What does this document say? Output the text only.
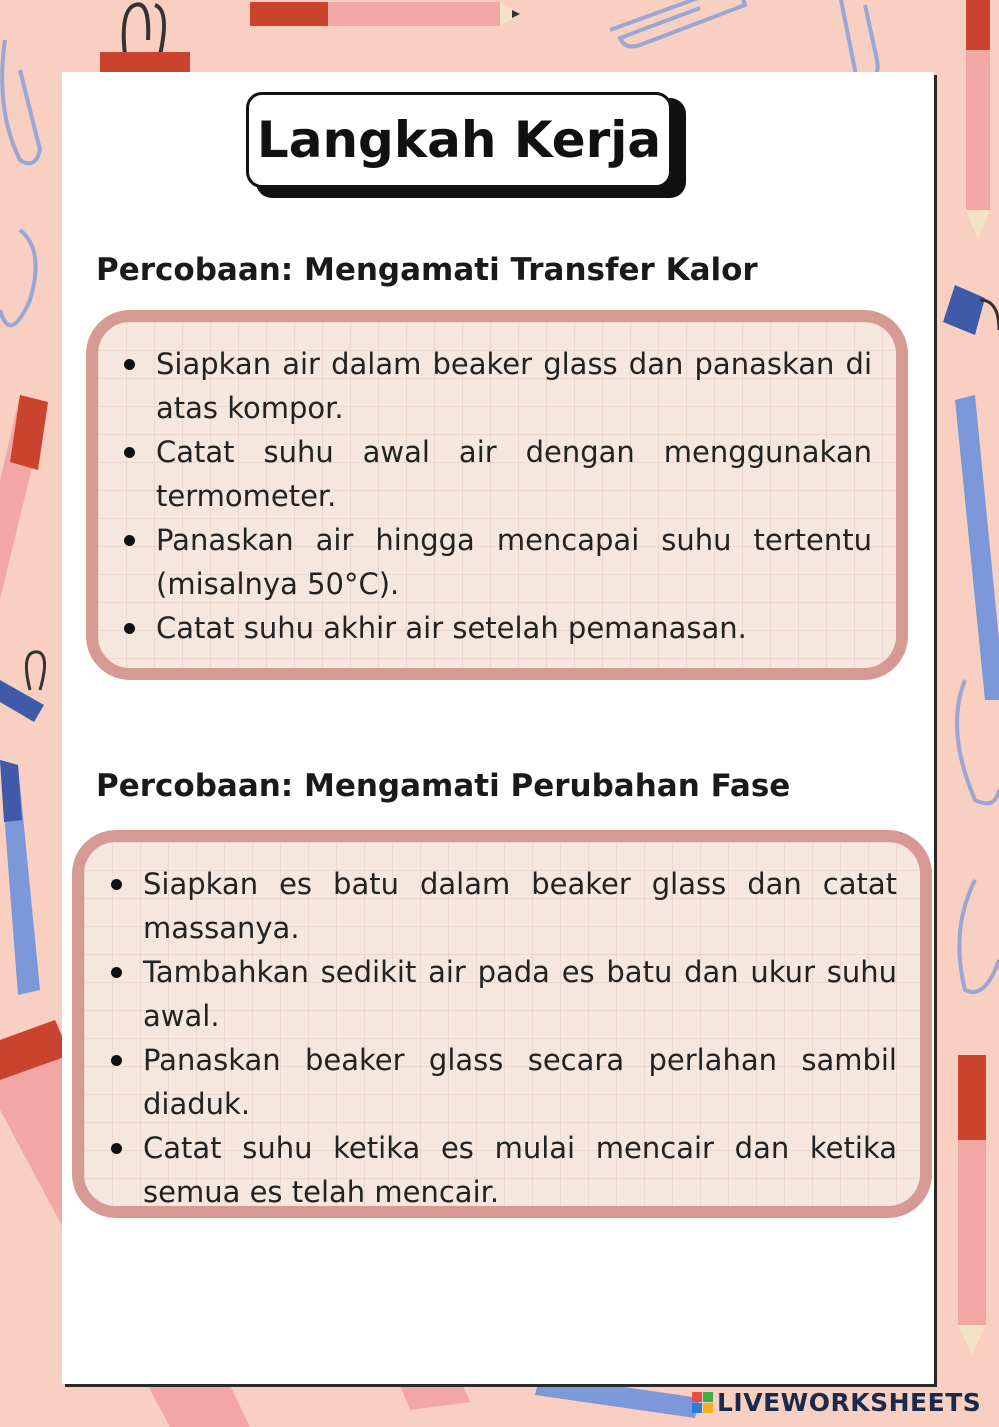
Langkah Kerja
Percobaan: Mengamati Transfer Kalor
Siapkan air dalam beaker glass dan panaskan di atas kompor.
Catat suhu awal air dengan menggunakan termometer.
Panaskan air hingga mencapai suhu tertentu (misalnya 50°C).
Catat suhu akhir air setelah pemanasan.
Percobaan: Mengamati Perubahan Fase
Siapkan es batu dalam beaker glass dan catat massanya.
Tambahkan sedikit air pada es batu dan ukur suhu awal.
Panaskan beaker glass secara perlahan sambil diaduk.
Catat suhu ketika es mulai mencair dan ketika semua es telah mencair.
LIVEWORKSHEETS
